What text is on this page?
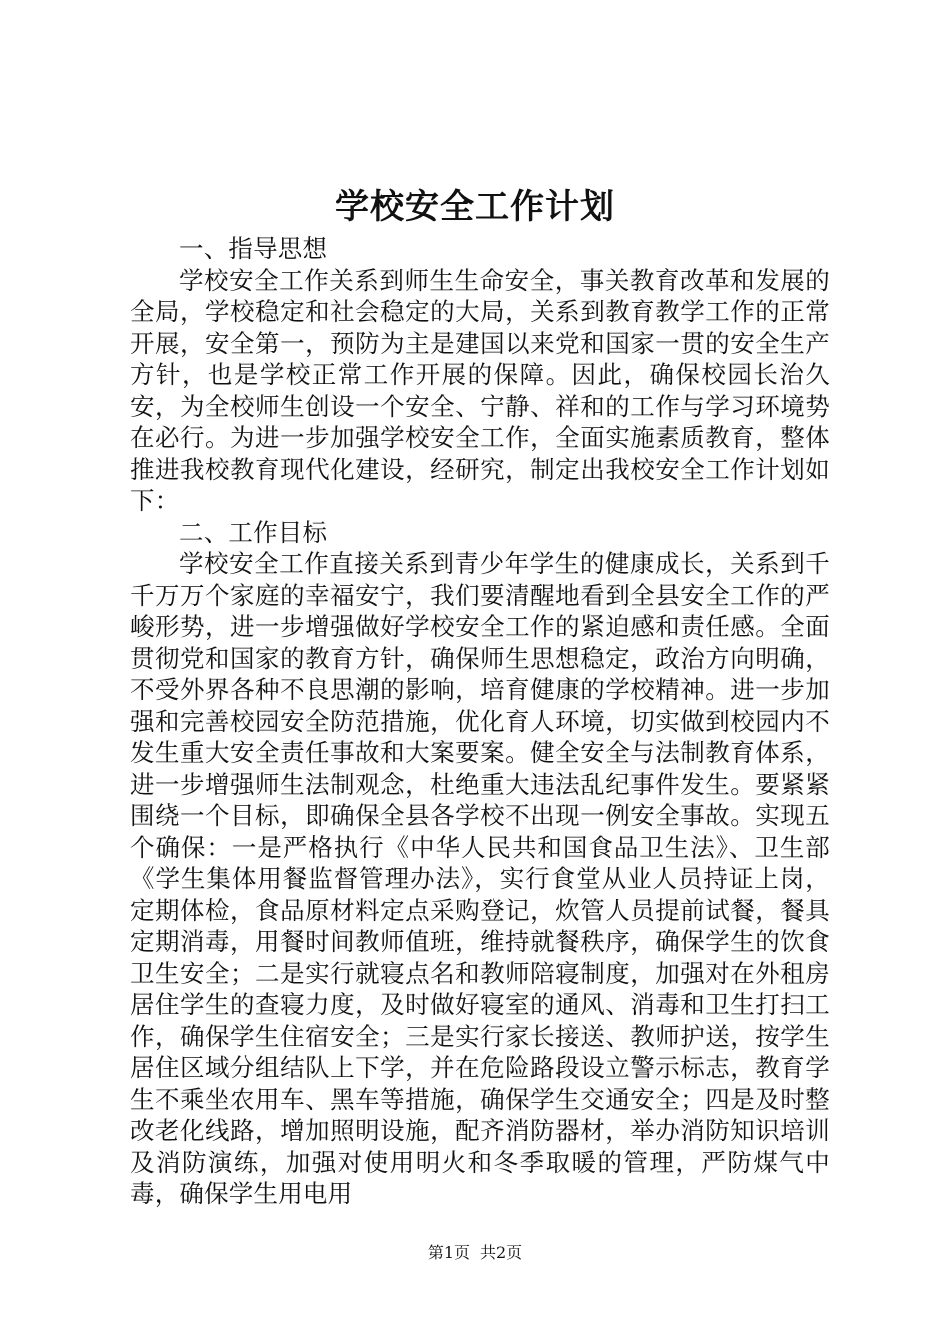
学校安全工作计划

一、指导思想

学校安全工作关系到师生生命安全，事关教育改革和发展的全局，学校稳定和社会稳定的大局，关系到教育教学工作的正常开展，安全第一，预防为主是建国以来党和国家一贯的安全生产方针，也是学校正常工作开展的保障。因此，确保校园长治久安，为全校师生创设一个安全、宁静、祥和的工作与学习环境势在必行。为进一步加强学校安全工作，全面实施素质教育，整体推进我校教育现代化建设，经研究，制定出我校安全工作计划如下：

二、工作目标

学校安全工作直接关系到青少年学生的健康成长，关系到千千万万个家庭的幸福安宁，我们要清醒地看到全县安全工作的严峻形势，进一步增强做好学校安全工作的紧迫感和责任感。全面贯彻党和国家的教育方针，确保师生思想稳定，政治方向明确，不受外界各种不良思潮的影响，培育健康的学校精神。进一步加强和完善校园安全防范措施，优化育人环境，切实做到校园内不发生重大安全责任事故和大案要案。健全安全与法制教育体系，进一步增强师生法制观念，杜绝重大违法乱纪事件发生。要紧紧围绕一个目标，即确保全县各学校不出现一例安全事故。实现五个确保：一是严格执行《中华人民共和国食品卫生法》、卫生部《学生集体用餐监督管理办法》，实行食堂从业人员持证上岗，定期体检，食品原材料定点采购登记，炊管人员提前试餐，餐具定期消毒，用餐时间教师值班，维持就餐秩序，确保学生的饮食卫生安全；二是实行就寝点名和教师陪寝制度，加强对在外租房居住学生的查寝力度，及时做好寝室的通风、消毒和卫生打扫工作，确保学生住宿安全；三是实行家长接送、教师护送，按学生居住区域分组结队上下学，并在危险路段设立警示标志，教育学生不乘坐农用车、黑车等措施，确保学生交通安全；四是及时整改老化线路，增加照明设施，配齐消防器材，举办消防知识培训及消防演练，加强对使用明火和冬季取暖的管理，严防煤气中毒，确保学生用电用

第1页 共2页
